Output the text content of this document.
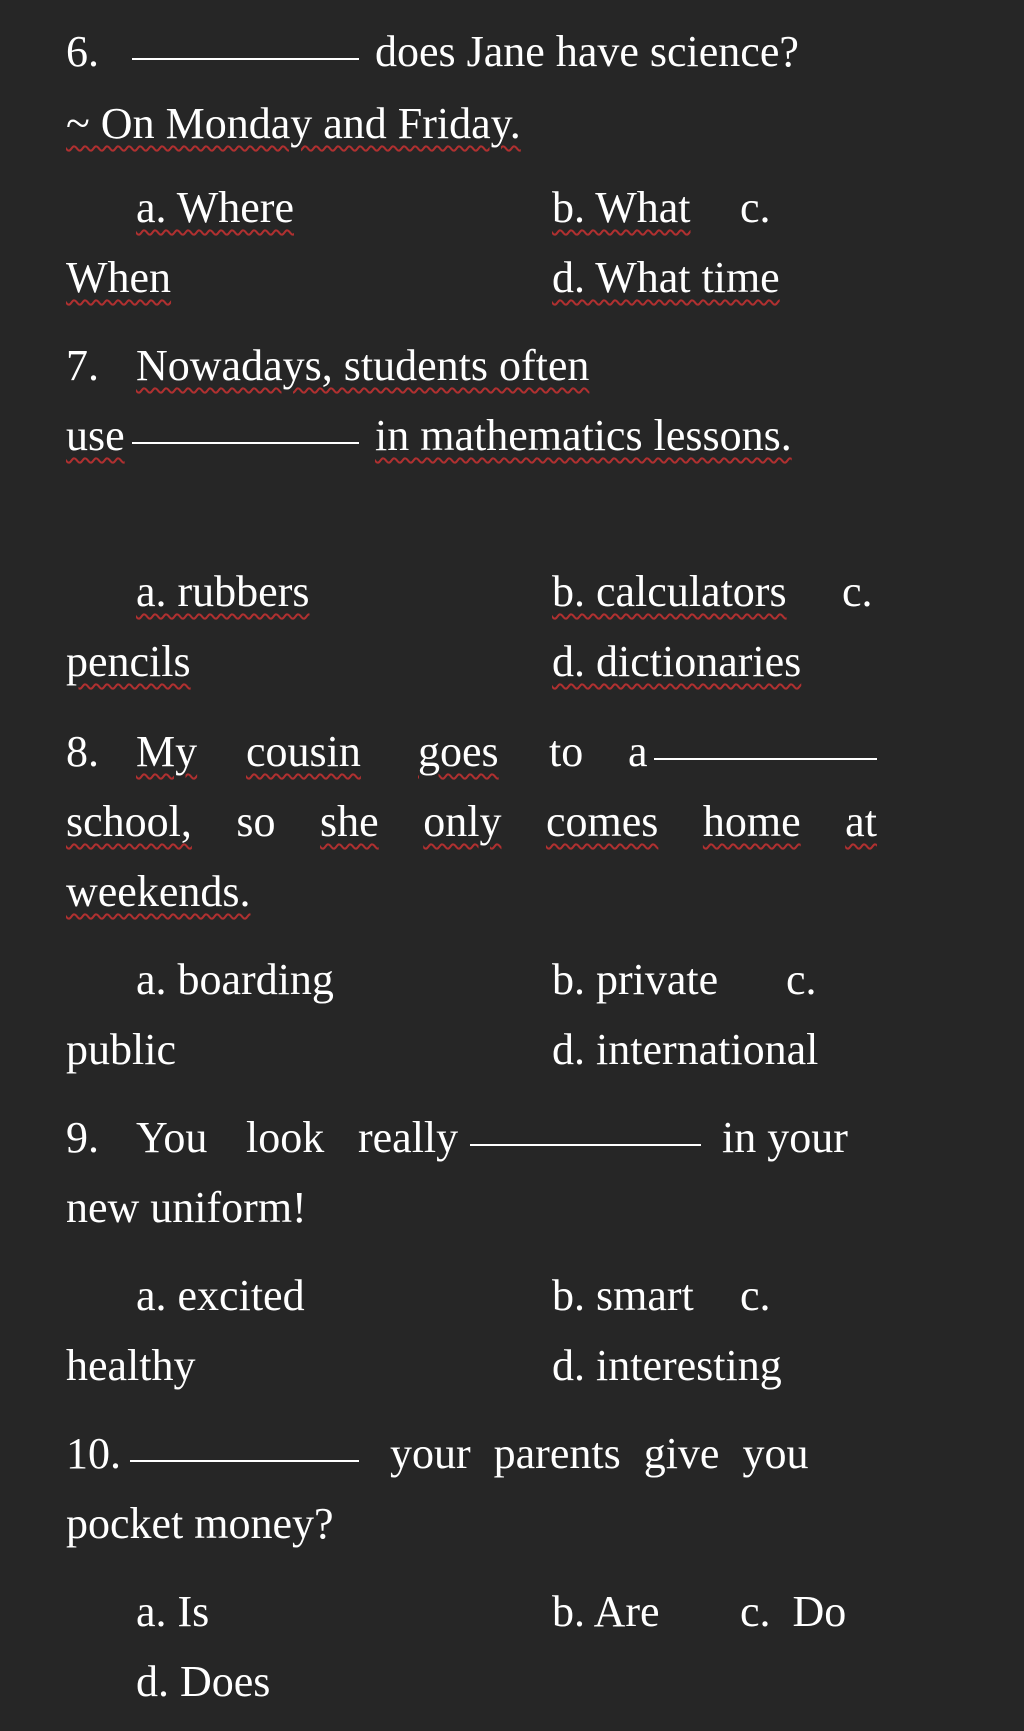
6.	does Jane have science?
~ On Monday and Friday.
a. Where	b. What c.
When	d. What time
7. Nowadays, students often
use	in mathematics lessons.
a. rubbers	b. calculators c.
pencils	d. dictionaries
8. My cousin goes to a
school, so she only comes home at
weekends.
a. boarding	b. private c.
public	d. international
9. You look really	in your
new uniform!
a. excited	b. smart c.
healthy	d. interesting
10.	your parents give you
pocket money?
a. Is	b. Are c.  Do
d. Does
